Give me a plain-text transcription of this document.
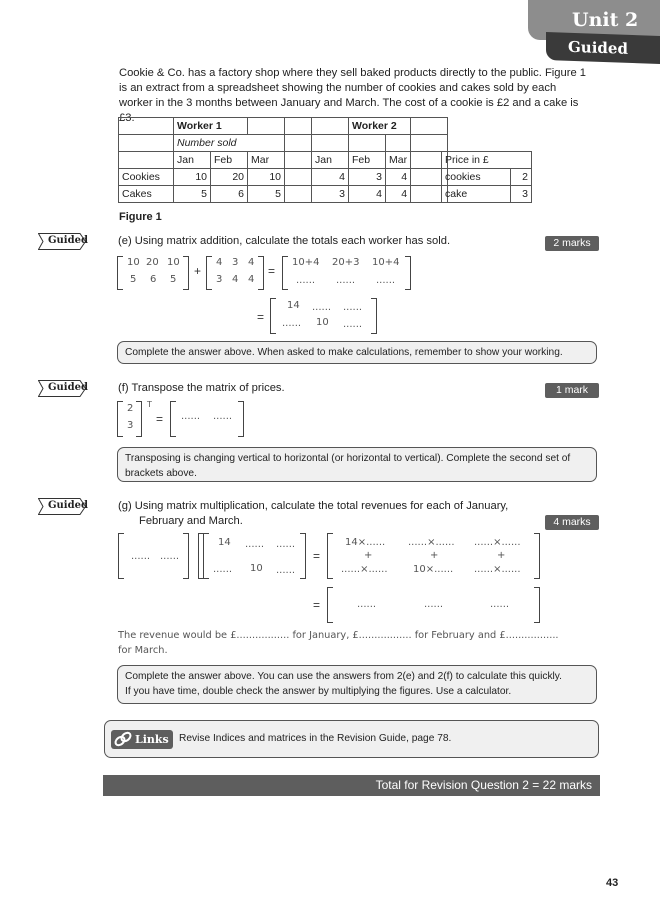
Unit 2
Guided
Cookie & Co. has a factory shop where they sell baked products directly to the public. Figure 1 is an extract from a spreadsheet showing the number of cookies and cakes sold by each worker in the 3 months between January and March. The cost of a cookie is £2 and a cake is £3.
	Worker 1					Worker 2		
	Number sold							
	Jan	Feb	Mar		Jan	Feb	Mar	
Cookies	10	20	10		4	3	4	
Cakes	5	6	5		3	4	4	
Price in £	
cookies	2
cake	3
Figure 1
Guided	(e) Using matrix addition, calculate the totals each worker has sold.	2 marks
10 20 10
5 6 5
+
4 3 4
3 4 4
=
10+4 20+3 10+4
...... ...... ......
=
14 ...... ......
...... 10 ......
Complete the answer above. When asked to make calculations, remember to show your working.
Guided	(f) Transpose the matrix of prices.	1 mark
2
3
T
= ...... ......
Transposing is changing vertical to horizontal (or horizontal to vertical). Complete the second set of brackets above.
Guided	(g) Using matrix multiplication, calculate the total revenues for each of January,
February and March.	4 marks
...... ......
14 ...... ......
...... 10 ......
=
14×...... ......×...... ......×......
+	+	+
......×......	10×...... ......×......
=	......	......	......
The revenue would be £................. for January, £................. for February and £.................
for March.
Complete the answer above. You can use the answers from 2(e) and 2(f) to calculate this quickly.
If you have time, double check the answer by multiplying the figures. Use a calculator.
Links Revise Indices and matrices in the Revision Guide, page 78.
Total for Revision Question 2 = 22 marks
43
